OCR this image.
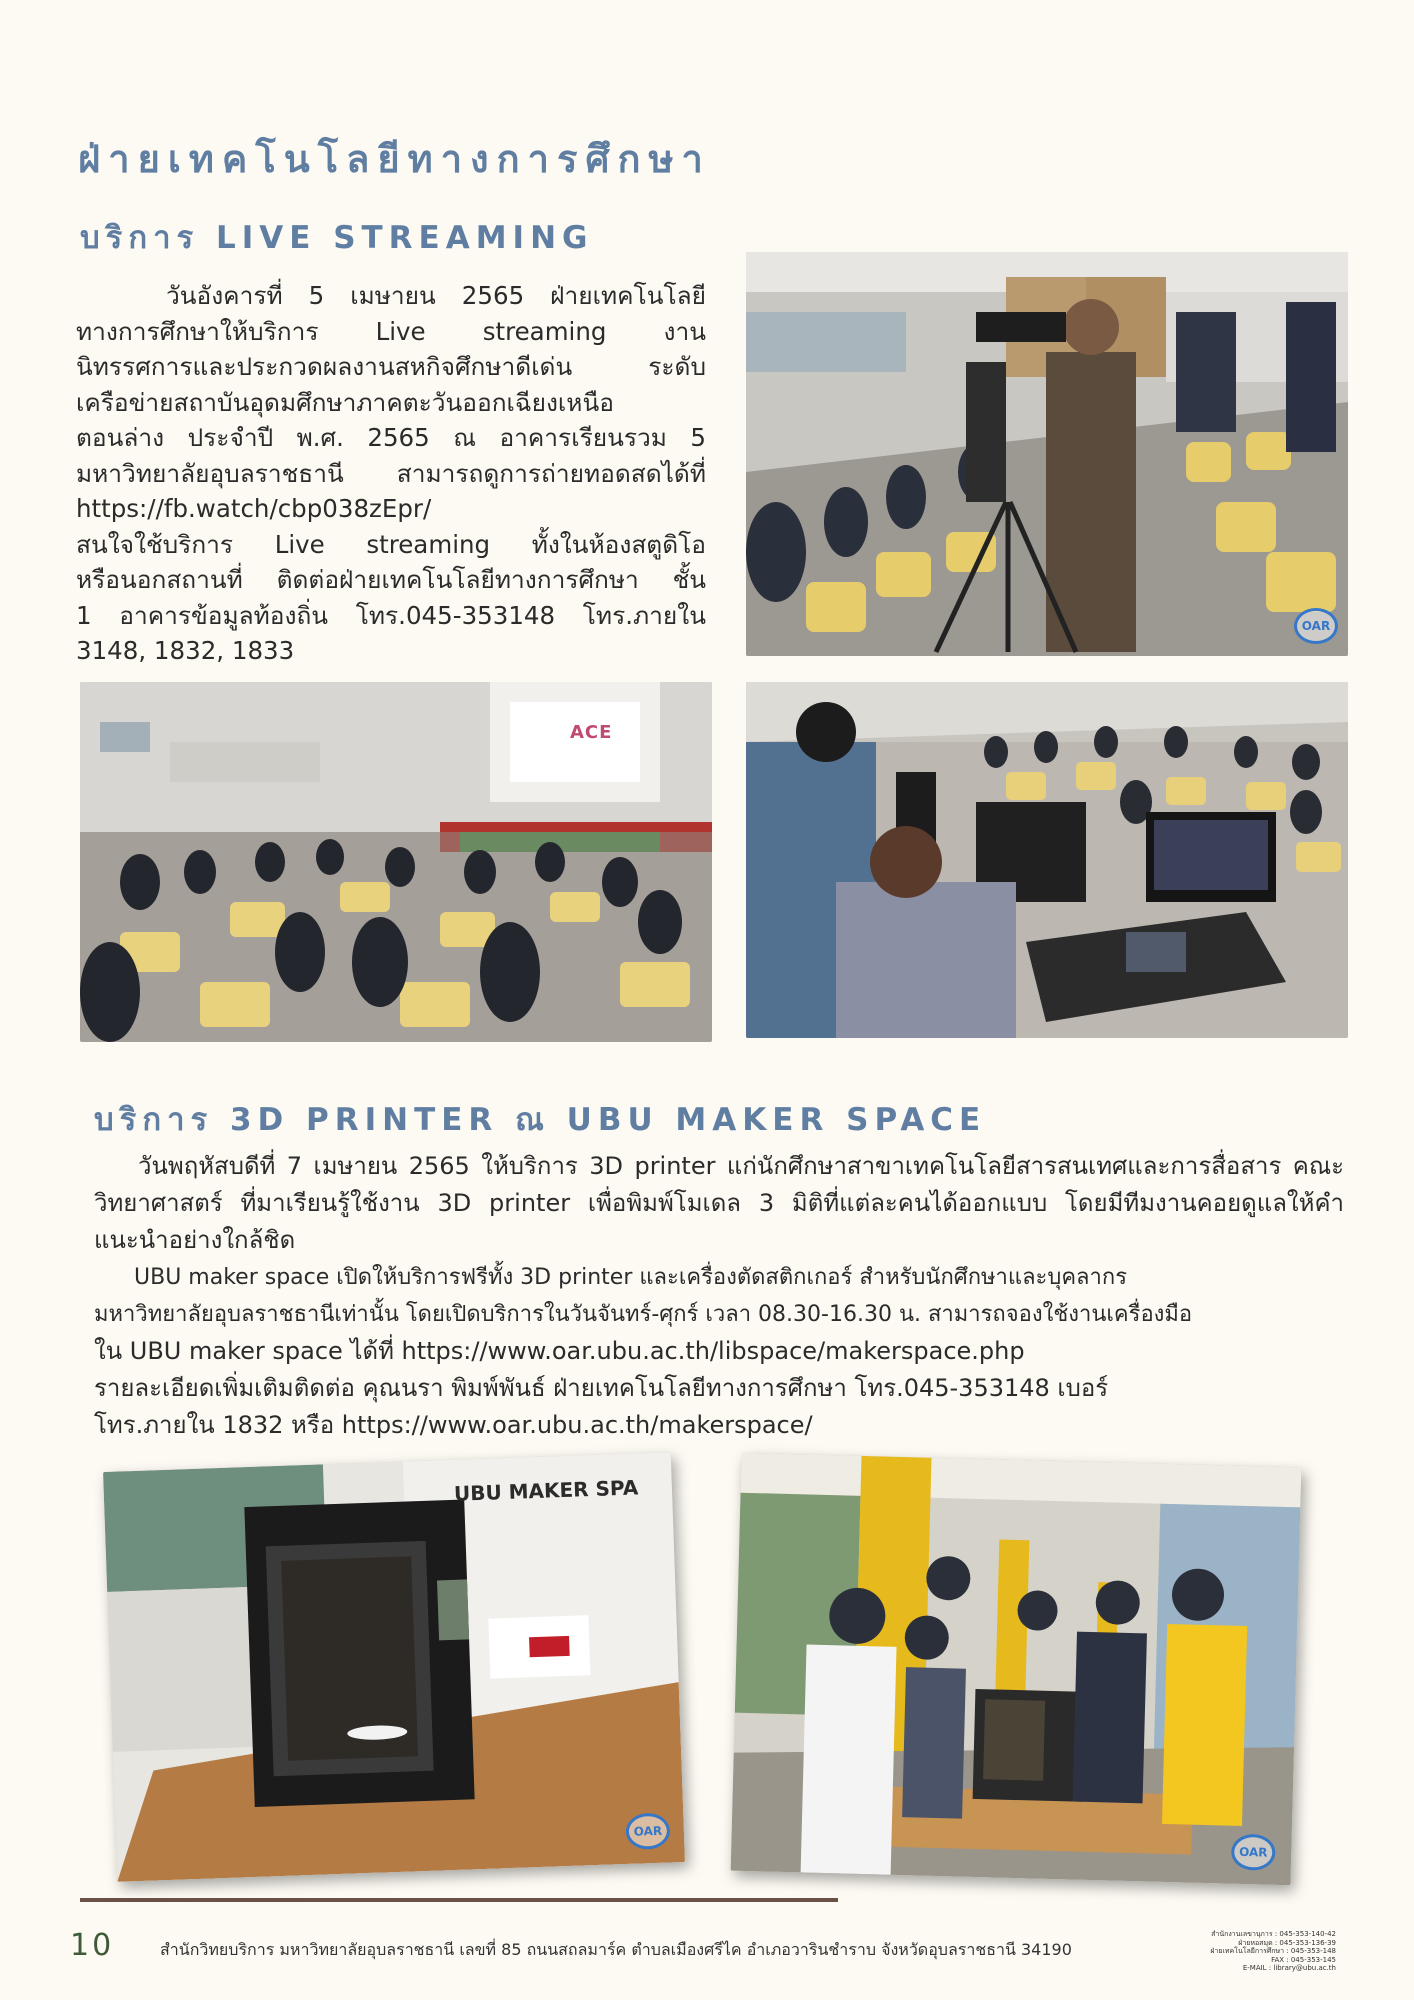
ฝ่ายเทคโนโลยีทางการศึกษา
บริการ LIVE STREAMING
วันอังคารที่ 5 เมษายน 2565 ฝ่ายเทคโนโลยี
ทางการศึกษาให้บริการ Live streaming งาน
นิทรรศการและประกวดผลงานสหกิจศึกษาดีเด่น ระดับ
เครือข่ายสถาบันอุดมศึกษาภาคตะวันออกเฉียงเหนือ
ตอนล่าง ประจำปี พ.ศ. 2565 ณ อาคารเรียนรวม 5
มหาวิทยาลัยอุบลราชธานี สามารถดูการถ่ายทอดสดได้ที่
https://fb.watch/cbp038zEpr/
สนใจใช้บริการ Live streaming ทั้งในห้องสตูดิโอ
หรือนอกสถานที่ ติดต่อฝ่ายเทคโนโลยีทางการศึกษา ชั้น
1 อาคารข้อมูลท้องถิ่น โทร.045-353148 โทร.ภายใน
3148, 1832, 1833
OAR
ACE
บริการ 3D PRINTER ณ UBU MAKER SPACE

วันพฤหัสบดีที่ 7 เมษายน 2565 ให้บริการ 3D printer แก่นักศึกษาสาขาเทคโนโลยีสารสนเทศและการสื่อสาร คณะวิทยาศาสตร์ ที่มาเรียนรู้ใช้งาน 3D printer เพื่อพิมพ์โมเดล 3 มิติที่แต่ละคนได้ออกแบบ โดยมีทีมงานคอยดูแลให้คำแนะนำอย่างใกล้ชิด

UBU maker space เปิดให้บริการฟรีทั้ง 3D printer และเครื่องตัดสติกเกอร์ สำหรับนักศึกษาและบุคลากร
มหาวิทยาลัยอุบลราชธานีเท่านั้น โดยเปิดบริการในวันจันทร์-ศุกร์ เวลา 08.30-16.30 น. สามารถจองใช้งานเครื่องมือ
ใน UBU maker space ได้ที่ https://www.oar.ubu.ac.th/libspace/makerspace.php
รายละเอียดเพิ่มเติมติดต่อ คุณนรา พิมพ์พันธ์ ฝ่ายเทคโนโลยีทางการศึกษา โทร.045-353148 เบอร์
โทร.ภายใน 1832 หรือ https://www.oar.ubu.ac.th/makerspace/
UBU MAKER SPA
OAR
OAR
10	สำนักวิทยบริการ มหาวิทยาลัยอุบลราชธานี เลขที่ 85 ถนนสถลมาร์ค ตำบลเมืองศรีไค อำเภอวารินชำราบ จังหวัดอุบลราชธานี 34190
สำนักงานเลขานุการ : 045-353-140-42
ฝ่ายหอสมุด : 045-353-136-39
ฝ่ายเทคโนโลยีการศึกษา : 045-353-148
FAX : 045-353-145
E-MAIL : library@ubu.ac.th
